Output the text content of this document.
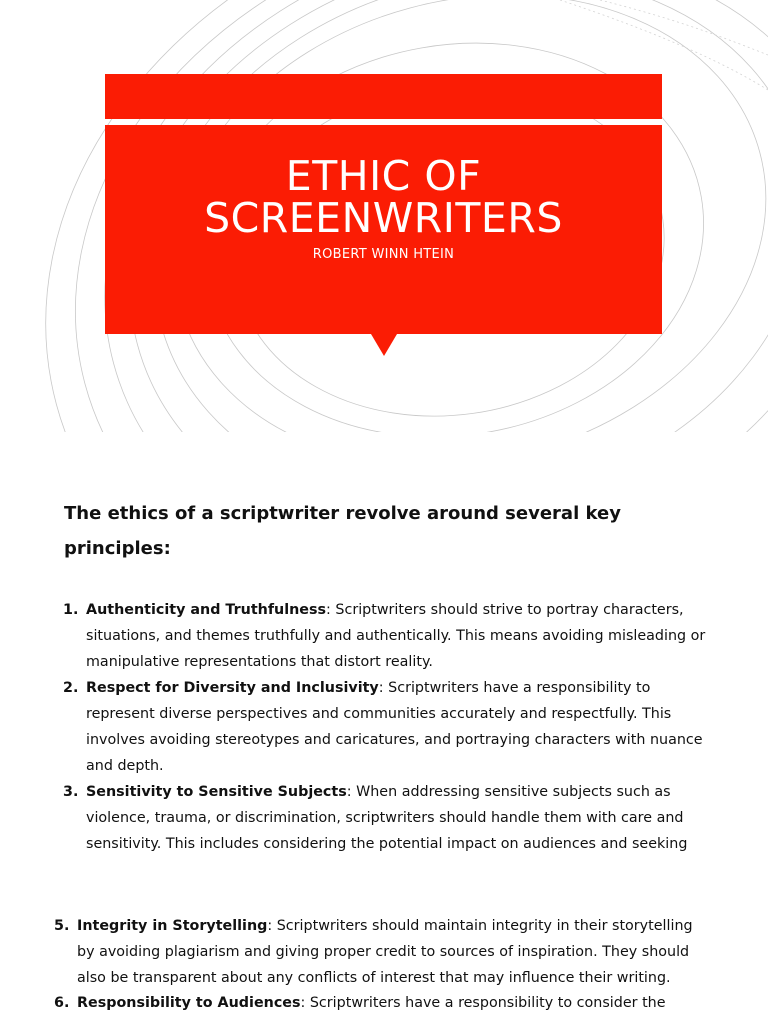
ETHIC OF
SCREENWRITERS
ROBERT WINN HTEIN
The ethics of a scriptwriter revolve around several key principles:
1. Authenticity and Truthfulness: Scriptwriters should strive to portray characters, situations, and themes truthfully and authentically. This means avoiding misleading or manipulative representations that distort reality.
2. Respect for Diversity and Inclusivity: Scriptwriters have a responsibility to represent diverse perspectives and communities accurately and respectfully. This involves avoiding stereotypes and caricatures, and portraying characters with nuance and depth.
3. Sensitivity to Sensitive Subjects: When addressing sensitive subjects such as violence, trauma, or discrimination, scriptwriters should handle them with care and sensitivity. This includes considering the potential impact on audiences and seeking
5. Integrity in Storytelling: Scriptwriters should maintain integrity in their storytelling by avoiding plagiarism and giving proper credit to sources of inspiration. They should also be transparent about any conflicts of interest that may influence their writing.
6. Responsibility to Audiences: Scriptwriters have a responsibility to consider the
